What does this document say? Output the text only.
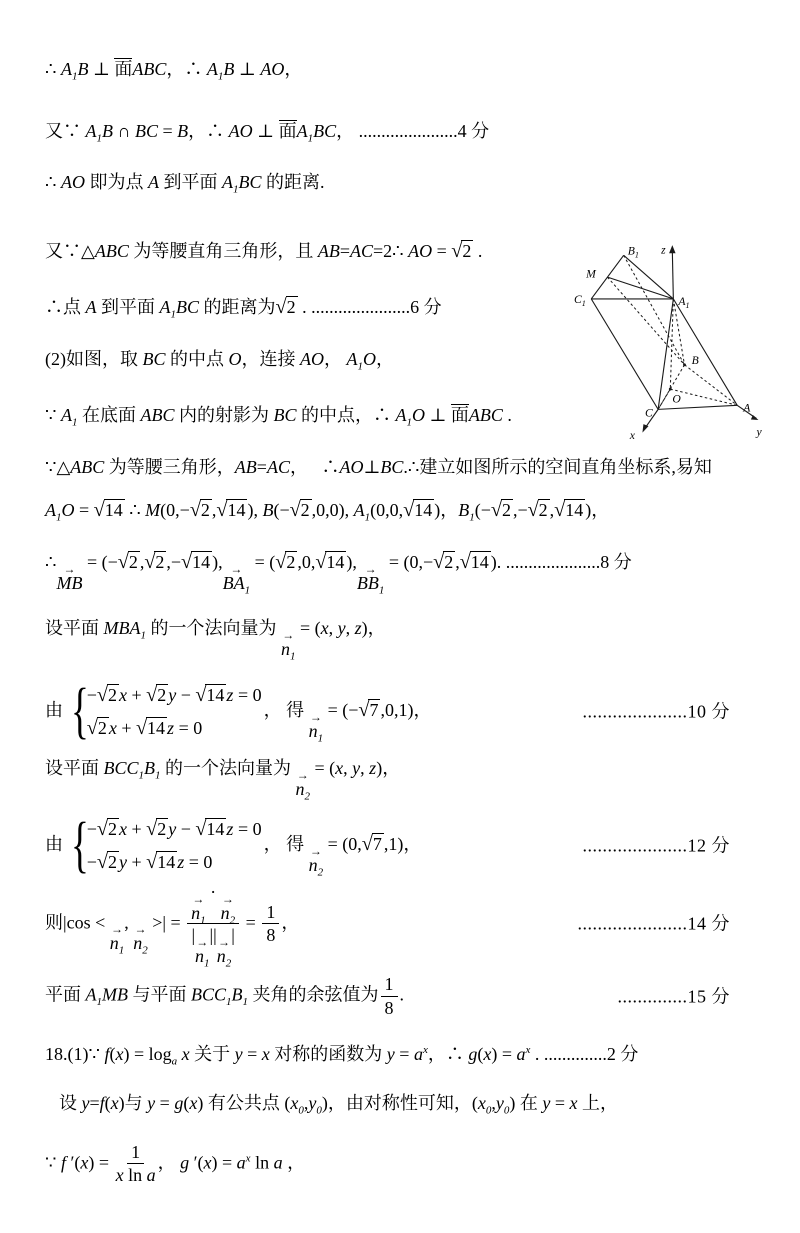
∴ $A_1B$ ⊥ 面ABC，∴ $A_1B$ ⊥ AO，
又∵ $A_1B$ ∩ BC = B，∴ AO ⊥ 面$A_1BC$， ......................4 分
∴ AO 即为点 A 到平面 $A_1BC$ 的距离.
又∵△ABC 为等腰直角三角形，且 AB=AC=2∴ AO = √2 .
∴点 A 到平面 $A_1BC$ 的距离为√2 . ......................6 分
(2)如图，取 BC 的中点 O，连接 AO， $A_1O$，
∵ $A_1$ 在底面 ABC 内的射影为 BC 的中点，∴ $A_1O$ ⊥ 面ABC .
∵△ABC 为等腰三角形，AB=AC，　 ∴AO⊥BC.∴建立如图所示的空间直角坐标系,易知
$A_1O = √14$ ∴ M(0,−√2 ,√14 ), B(−√2 ,0,0), $A_1(0,0,√14$ )，$B_1(-√2$ ,−√2 ,√14 )，
∴ →
MB
= (−√2 ,√2 ,−√14 ), →
$BA_1$
= (√2 ,0,√14 ), →
$BB_1$
= (0,−√2 ,√14 ). .....................8 分
设平面 $MBA_1$ 的一个法向量为 →
$n_1$
= (x, y, z)，
由 {
−√2 x + √2 y − √14 z = 0
√2 x + √14 z = 0
， 得 →
$n_1$
= (−√7 ,0,1)，	.....................10 分
设平面 $BCC_1B_1$ 的一个法向量为 →
$n_2$
= (x, y, z)，
由 {
−√2 x + √2 y − √14 z = 0
−√2 y + √14 z = 0
， 得 →
$n_2$
= (0,√7 ,1)，	.....................12 分
则|cos < →
$n_1$
, →
$n_2$
>| = →
$n_1$
· →
$n_2$
| →
$n_1$
|| →
$n_2$
| = $\frac{1}{8}$ ，	......................14 分
平面 $A_1MB$ 与平面 $BCC_1B_1$ 夹角的余弦值为 $\frac{1}{8}$ .	..............15 分
18.(1)∵ $f(x) = \log_a x$ 关于 y = x 对称的函数为 $y = a^x$，∴ $g(x) = a^x$ . ..............2 分
设 y=f(x)与 y = g(x) 有公共点 $(x_0,y_0)$，由对称性可知，$(x_0,y_0)$ 在 y = x 上，
∵ f $'(x) = \frac{1}{\text{x ln a}}$ ， g $'(x) = a^x$ ln a ，
$B_1$ z
M
$C_1$	$A_1$
B
O
C	A
x	y
